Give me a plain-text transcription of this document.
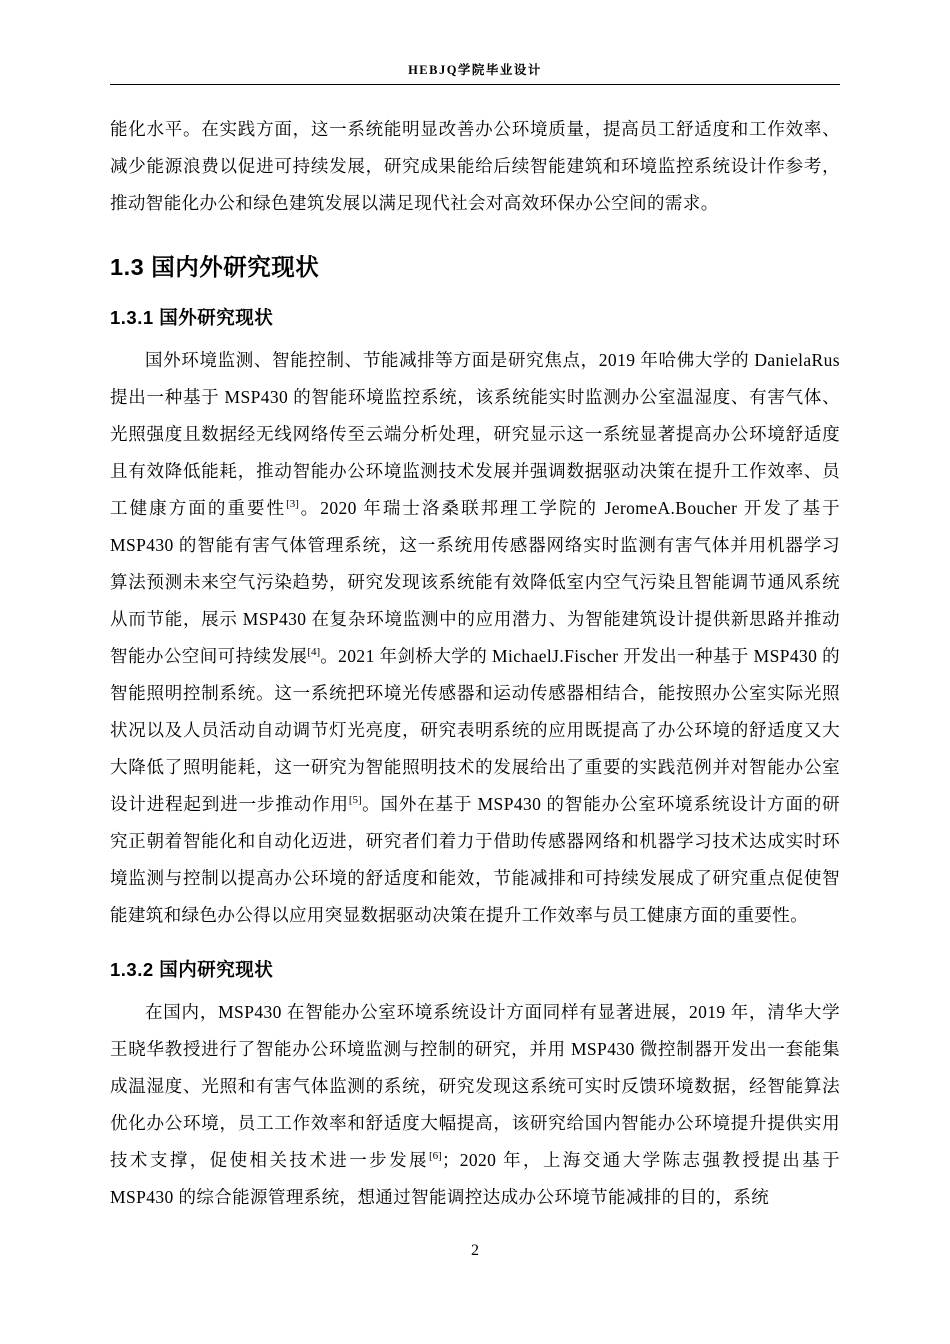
HEBJQ学院毕业设计

能化水平。在实践方面，这一系统能明显改善办公环境质量，提高员工舒适度和工作效率、减少能源浪费以促进可持续发展，研究成果能给后续智能建筑和环境监控系统设计作参考，推动智能化办公和绿色建筑发展以满足现代社会对高效环保办公空间的需求。

1.3 国内外研究现状
1.3.1 国外研究现状

国外环境监测、智能控制、节能减排等方面是研究焦点，2019 年哈佛大学的 DanielaRus 提出一种基于 MSP430 的智能环境监控系统，该系统能实时监测办公室温湿度、有害气体、光照强度且数据经无线网络传至云端分析处理，研究显示这一系统显著提高办公环境舒适度且有效降低能耗，推动智能办公环境监测技术发展并强调数据驱动决策在提升工作效率、员工健康方面的重要性[3]。2020 年瑞士洛桑联邦理工学院的 JeromeA.Boucher 开发了基于 MSP430 的智能有害气体管理系统，这一系统用传感器网络实时监测有害气体并用机器学习算法预测未来空气污染趋势，研究发现该系统能有效降低室内空气污染且智能调节通风系统从而节能，展示 MSP430 在复杂环境监测中的应用潜力、为智能建筑设计提供新思路并推动智能办公空间可持续发展[4]。2021 年剑桥大学的 MichaelJ.Fischer 开发出一种基于 MSP430 的智能照明控制系统。这一系统把环境光传感器和运动传感器相结合，能按照办公室实际光照状况以及人员活动自动调节灯光亮度，研究表明系统的应用既提高了办公环境的舒适度又大大降低了照明能耗，这一研究为智能照明技术的发展给出了重要的实践范例并对智能办公室设计进程起到进一步推动作用[5]。国外在基于 MSP430 的智能办公室环境系统设计方面的研究正朝着智能化和自动化迈进，研究者们着力于借助传感器网络和机器学习技术达成实时环境监测与控制以提高办公环境的舒适度和能效，节能减排和可持续发展成了研究重点促使智能建筑和绿色办公得以应用突显数据驱动决策在提升工作效率与员工健康方面的重要性。

1.3.2 国内研究现状

在国内，MSP430 在智能办公室环境系统设计方面同样有显著进展，2019 年，清华大学王晓华教授进行了智能办公环境监测与控制的研究，并用 MSP430 微控制器开发出一套能集成温湿度、光照和有害气体监测的系统，研究发现这系统可实时反馈环境数据，经智能算法优化办公环境，员工工作效率和舒适度大幅提高，该研究给国内智能办公环境提升提供实用技术支撑，促使相关技术进一步发展[6]；2020 年，上海交通大学陈志强教授提出基于 MSP430 的综合能源管理系统，想通过智能调控达成办公环境节能减排的目的，系统

2
